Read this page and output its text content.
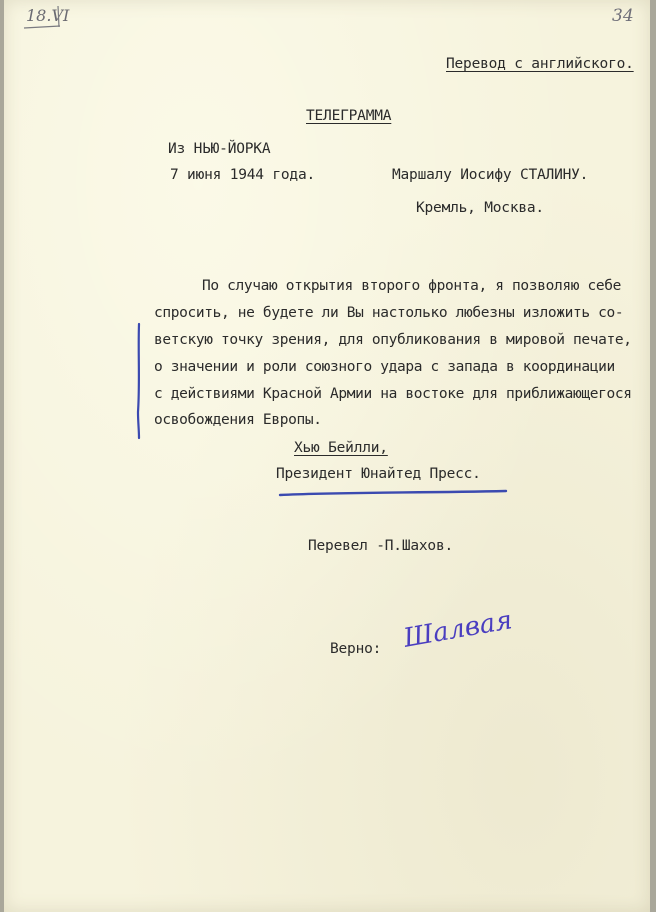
18.VI	34
Перевод с английского.
ТЕЛЕГРАММА
Из НЬЮ-ЙОРКА
7 июня 1944 года.	Маршалу Иосифу СТАЛИНУ.
Кремль, Москва.
По случаю открытия второго фронта, я позволяю себе
спросить, не будете ли Вы настолько любезны изложить со-
ветскую точку зрения, для опубликования в мировой печате,
о значении и роли союзного удара с запада в координации
с действиями Красной Армии на востоке для приближающегося
освобождения Европы.
Хью Бейлли,
Президент Юнайтед Пресс.
Перевел -П.Шахов.
Верно: Шалвая
